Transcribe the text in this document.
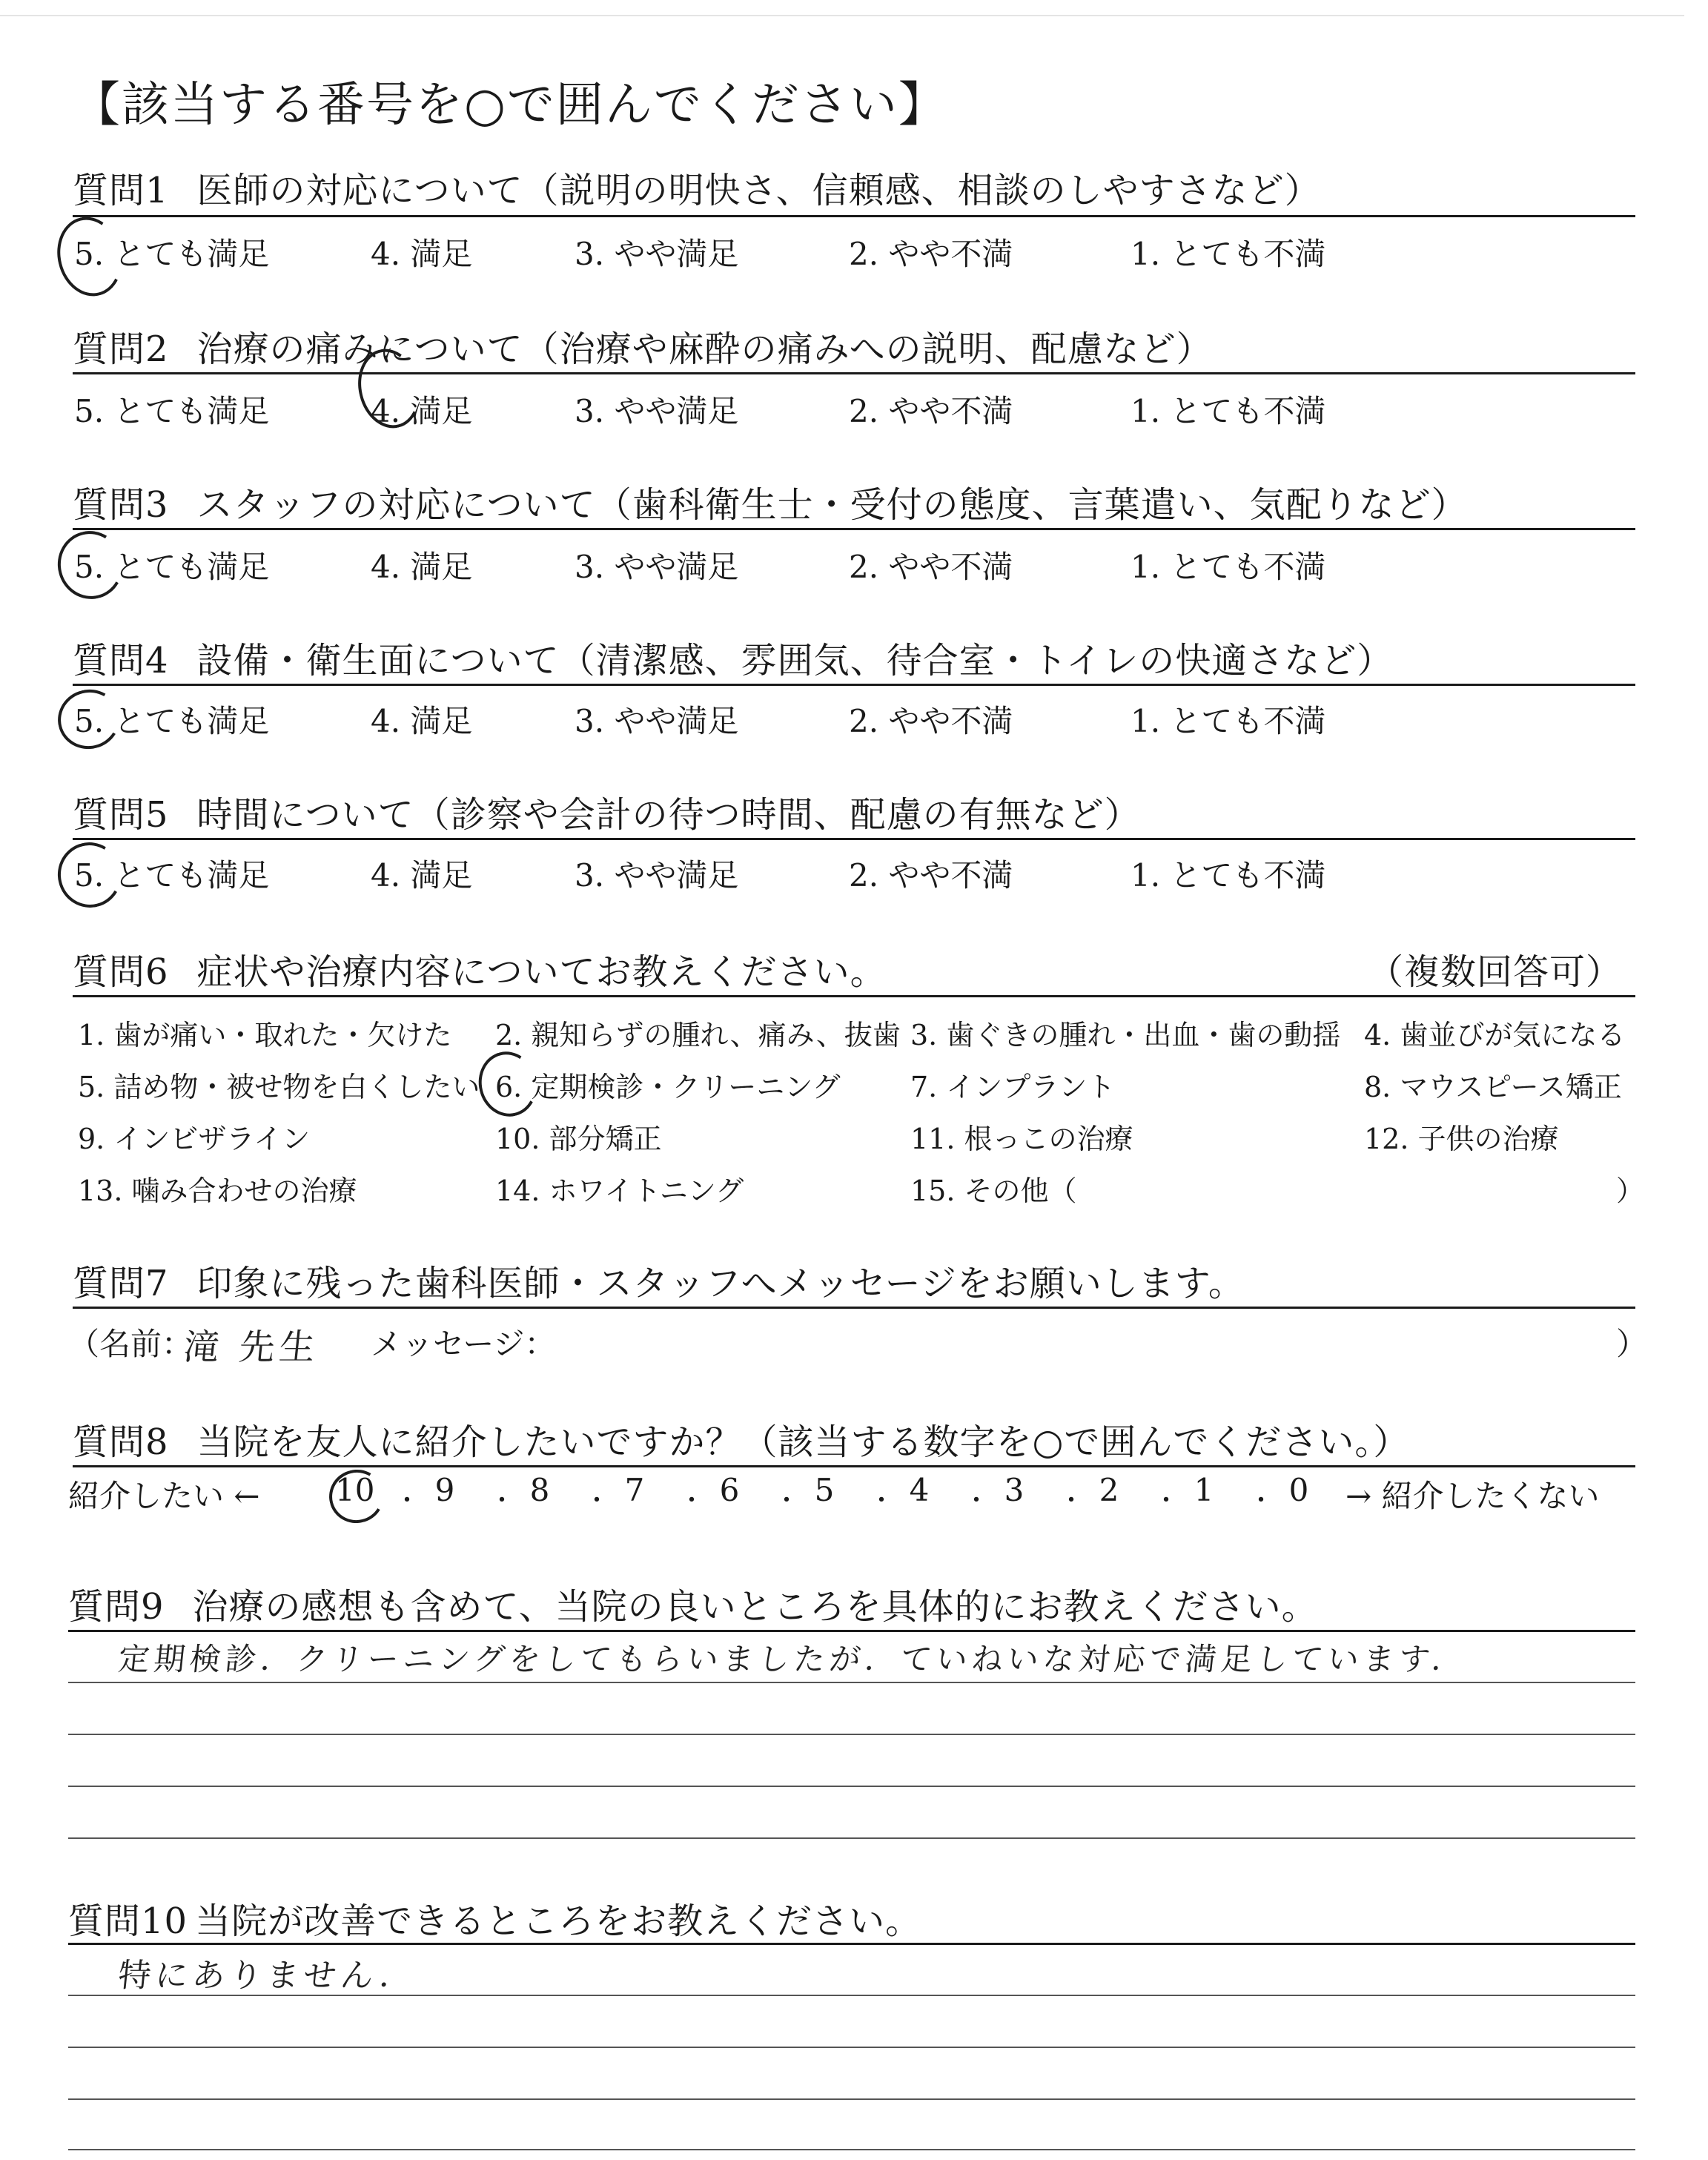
【該当する番号を○で囲んでください】
質問1 医師の対応について（説明の明快さ、信頼感、相談のしやすさなど）
5. とても満足	4. 満足	3. やや満足	2. やや不満	1. とても不満
質問2 治療の痛みについて（治療や麻酔の痛みへの説明、配慮など）
5. とても満足	4. 満足	3. やや満足	2. やや不満	1. とても不満
質問3 スタッフの対応について（歯科衛生士・受付の態度、言葉遣い、気配りなど）
5. とても満足	4. 満足	3. やや満足	2. やや不満	1. とても不満
質問4 設備・衛生面について（清潔感、雰囲気、待合室・トイレの快適さなど）
5. とても満足	4. 満足	3. やや満足	2. やや不満	1. とても不満
質問5 時間について（診察や会計の待つ時間、配慮の有無など）
5. とても満足	4. 満足	3. やや満足	2. やや不満	1. とても不満
質問6 症状や治療内容についてお教えください。	（複数回答可）
1. 歯が痛い・取れた・欠けた 2. 親知らずの腫れ、痛み、抜歯 3. 歯ぐきの腫れ・出血・歯の動揺 4. 歯並びが気になる
5. 詰め物・被せ物を白くしたい 6. 定期検診・クリーニング 7. インプラント	8. マウスピース矯正
9. インビザライン	10. 部分矯正	11. 根っこの治療	12. 子供の治療
13. 噛み合わせの治療	14. ホワイトニング	15. その他（	）
質問7 印象に残った歯科医師・スタッフへメッセージをお願いします。
（名前：
滝 先生 メッセージ：	）
質問8 当院を友人に紹介したいですか？（該当する数字を○で囲んでください。）
紹介したい ←	→ 紹介したくない
10 ・ 9 ・ 8 ・ 7 ・ 6 ・ 5 ・ 4 ・ 3 ・ 2 ・ 1 ・ 0
質問9 治療の感想も含めて、当院の良いところを具体的にお教えください。
定期検診．クリーニングをしてもらいましたが．ていねいな対応で満足しています．
質問10 当院が改善できるところをお教えください。
特にありません．
